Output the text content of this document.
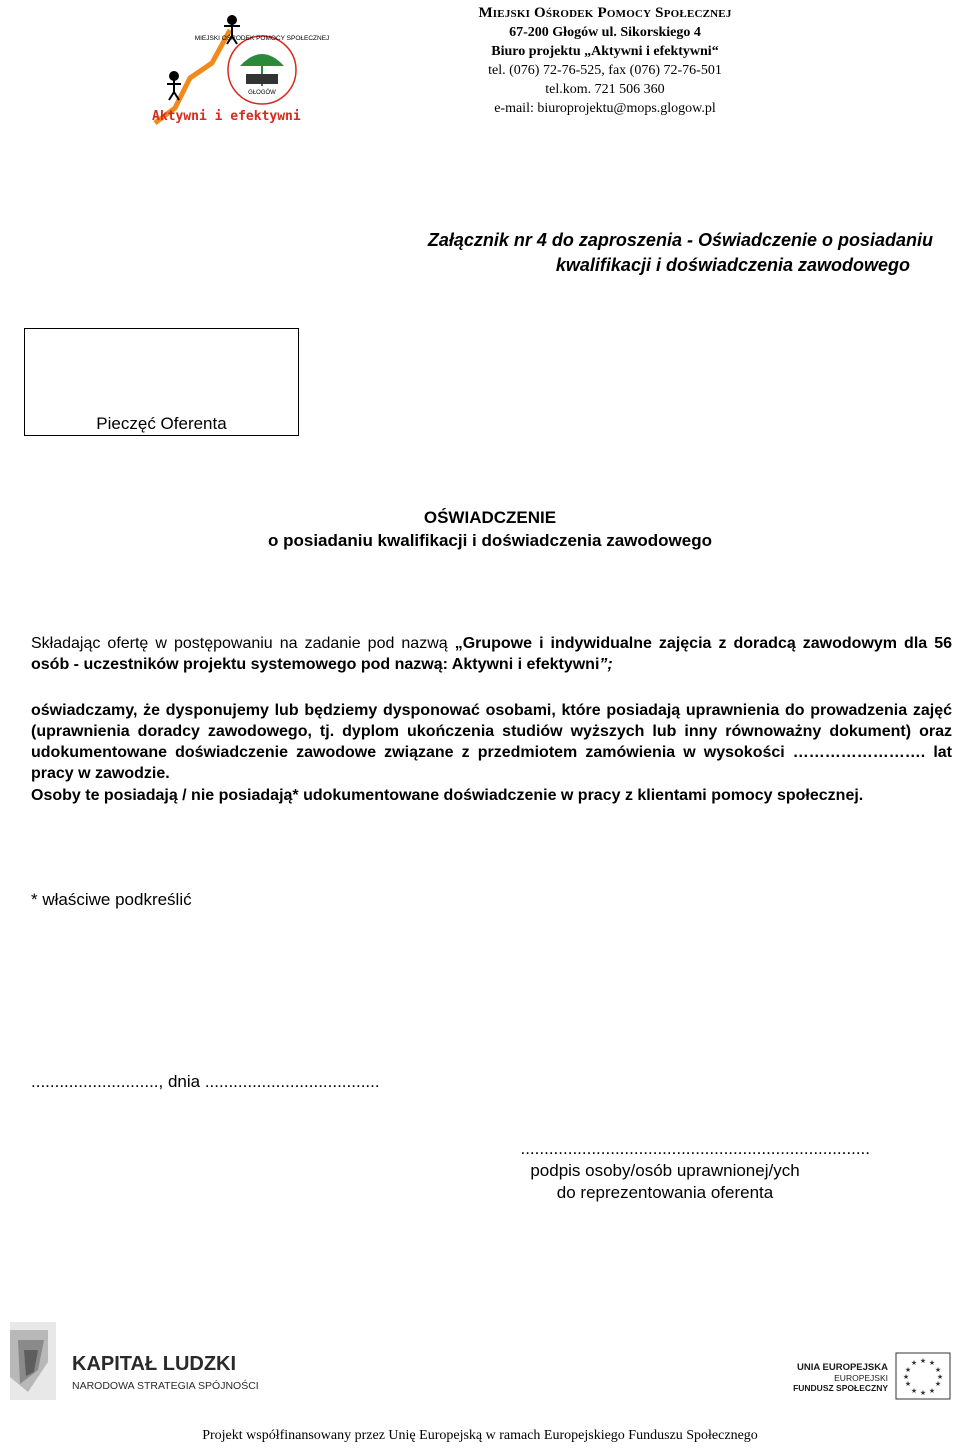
GŁOGÓW
MIEJSKI OŚRODEK POMOCY SPOŁECZNEJ
Aktywni i efektywni
Miejski Ośrodek Pomocy Społecznej
67-200 Głogów ul. Sikorskiego 4
Biuro projektu „Aktywni i efektywni“
tel. (076) 72-76-525, fax (076) 72-76-501
tel.kom. 721 506 360
e-mail: biuroprojektu@mops.glogow.pl
Załącznik nr 4 do zaproszenia - Oświadczenie o posiadaniu
kwalifikacji i doświadczenia zawodowego
Pieczęć Oferenta
OŚWIADCZENIE
o posiadaniu kwalifikacji i doświadczenia zawodowego
Składając ofertę w postępowaniu na zadanie pod nazwą „Grupowe i indywidualne zajęcia z doradcą zawodowym dla 56 osób - uczestników projektu systemowego pod nazwą: Aktywni i efektywni”;
oświadczamy, że dysponujemy lub będziemy dysponować osobami, które posiadają uprawnienia do prowadzenia zajęć (uprawnienia doradcy zawodowego, tj. dyplom ukończenia studiów wyższych lub inny równoważny dokument) oraz udokumentowane doświadczenie zawodowe związane z przedmiotem zamówienia w wysokości ……………………. lat pracy w zawodzie.
Osoby te posiadają / nie posiadają* udokumentowane doświadczenie w pracy z klientami pomocy społecznej.
* właściwe podkreślić
..........................., dnia .....................................
..........................................................................
podpis osoby/osób uprawnionej/ych
do reprezentowania oferenta
KAPITAŁ LUDZKI
NARODOWA STRATEGIA SPÓJNOŚCI
UNIA EUROPEJSKA
EUROPEJSKI
FUNDUSZ SPOŁECZNY
★ ★
★
★
★
★
★
★
★
★
★
★
Projekt współfinansowany przez Unię Europejską w ramach Europejskiego Funduszu Społecznego
